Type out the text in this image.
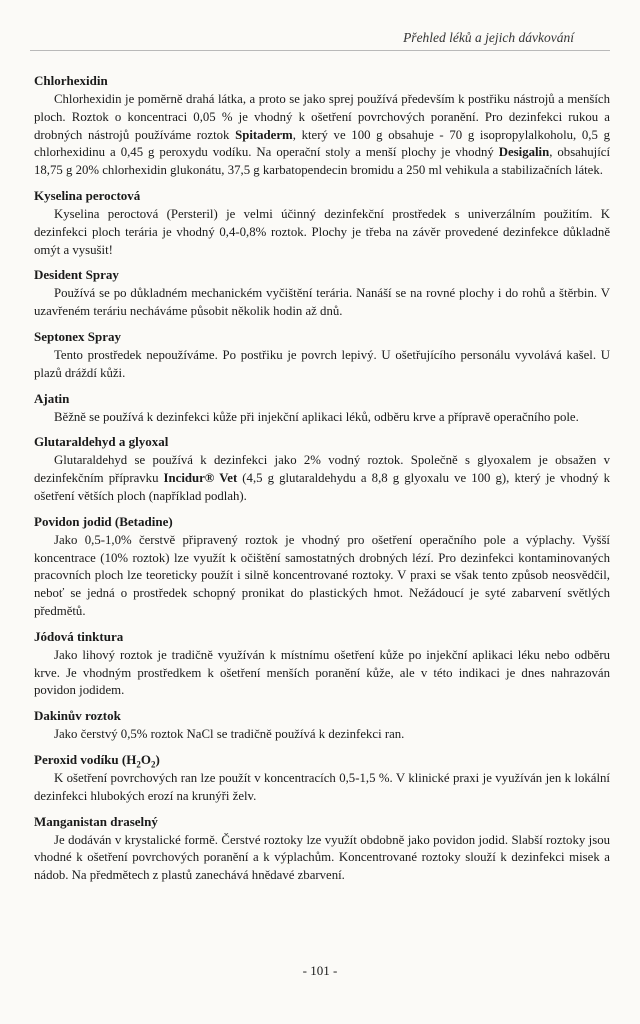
Přehled léků a jejich dávkování
Chlorhexidin

Chlorhexidin je poměrně drahá látka, a proto se jako sprej používá především k postřiku nástrojů a menších ploch. Roztok o koncentraci 0,05 % je vhodný k ošetření povrchových poranění. Pro dezinfekci rukou a drobných nástrojů používáme roztok Spitaderm, který ve 100 g obsahuje - 70 g isopropylalkoholu, 0,5 g chlorhexidinu a 0,45 g peroxydu vodíku. Na operační stoly a menší plochy je vhodný Desigalin, obsahující 18,75 g 20% chlorhexidin glukonátu, 37,5 g karbatopendecin bromidu a 250 ml vehikula a stabilizačních látek.

Kyselina peroctová

Kyselina peroctová (Persteril) je velmi účinný dezinfekční prostředek s univerzálním použitím. K dezinfekci ploch terária je vhodný 0,4-0,8% roztok. Plochy je třeba na závěr provedené dezinfekce důkladně omýt a vysušit!

Desident Spray

Používá se po důkladném mechanickém vyčištění terária. Nanáší se na rovné plochy i do rohů a štěrbin. V uzavřeném teráriu necháváme působit několik hodin až dnů.

Septonex Spray

Tento prostředek nepoužíváme. Po postřiku je povrch lepivý. U ošetřujícího personálu vyvolává kašel. U plazů dráždí kůži.

Ajatin

Běžně se používá k dezinfekci kůže při injekční aplikaci léků, odběru krve a přípravě operačního pole.

Glutaraldehyd a glyoxal

Glutaraldehyd se používá k dezinfekci jako 2% vodný roztok. Společně s glyoxalem je obsažen v dezinfekčním přípravku Incidur® Vet (4,5 g glutaraldehydu a 8,8 g glyoxalu ve 100 g), který je vhodný k ošetření větších ploch (například podlah).

Povidon jodid (Betadine)

Jako 0,5-1,0% čerstvě připravený roztok je vhodný pro ošetření operačního pole a výplachy. Vyšší koncentrace (10% roztok) lze využít k očištění samostatných drobných lézí. Pro dezinfekci kontaminovaných pracovních ploch lze teoreticky použít i silně koncentrované roztoky. V praxi se však tento způsob neosvědčil, neboť se jedná o prostředek schopný pronikat do plastických hmot. Nežádoucí je syté zabarvení světlých předmětů.

Jódová tinktura

Jako lihový roztok je tradičně využíván k místnímu ošetření kůže po injekční aplikaci léku nebo odběru krve. Je vhodným prostředkem k ošetření menších poranění kůže, ale v této indikaci je dnes nahrazován povidon jodidem.

Dakinův roztok

Jako čerstvý 0,5% roztok NaCl se tradičně používá k dezinfekci ran.

Peroxid vodíku $(H_2O_2)$

K ošetření povrchových ran lze použít v koncentracích 0,5-1,5 %. V klinické praxi je využíván jen k lokální dezinfekci hlubokých erozí na krunýři želv.

Manganistan draselný

Je dodáván v krystalické formě. Čerstvé roztoky lze využít obdobně jako povidon jodid. Slabší roztoky jsou vhodné k ošetření povrchových poranění a k výplachům. Koncentrované roztoky slouží k dezinfekci misek a nádob. Na předmětech z plastů zanechává hnědavé zbarvení.

- 101 -
